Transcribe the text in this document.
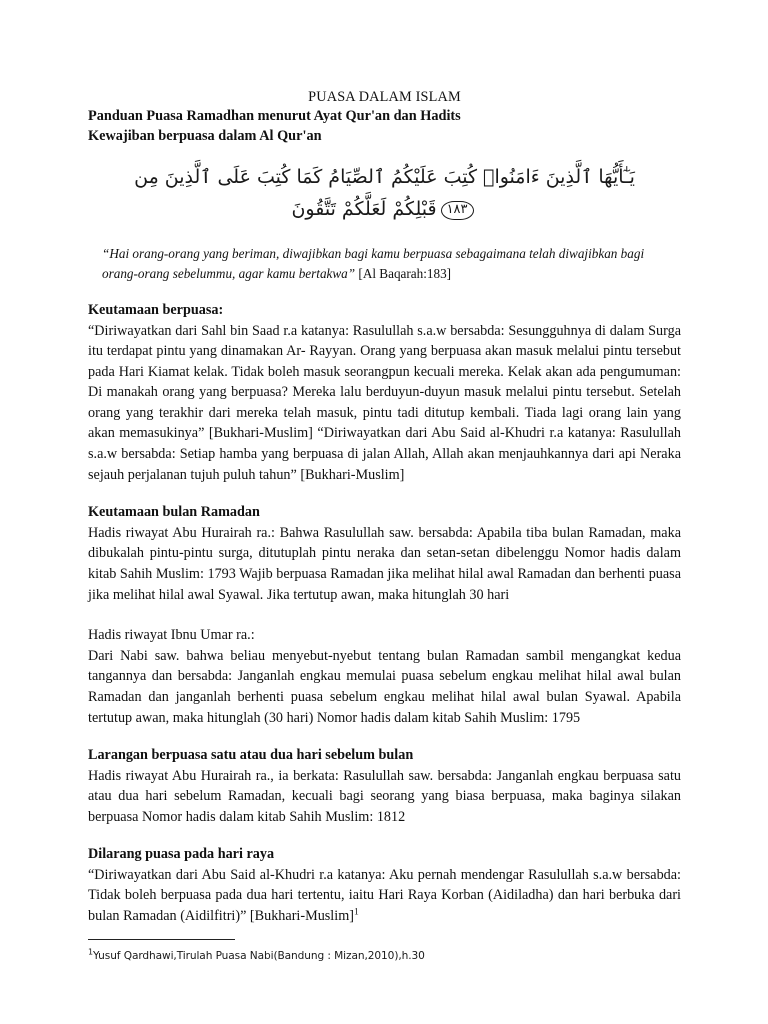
PUASA DALAM ISLAM
Panduan Puasa Ramadhan menurut Ayat Qur'an dan Hadits
Kewajiban berpuasa dalam Al Qur'an
يَـٰٓأَيُّهَا ٱلَّذِينَ ءَامَنُوا۟ كُتِبَ عَلَيْكُمُ ٱلصِّيَامُ كَمَا كُتِبَ عَلَى ٱلَّذِينَ مِن
١٨٣قَبْلِكُمْ لَعَلَّكُمْ تَتَّقُونَ
“Hai orang-orang yang beriman, diwajibkan bagi kamu berpuasa sebagaimana telah diwajibkan bagi orang-orang sebelummu, agar kamu bertakwa” [Al Baqarah:183]
Keutamaan berpuasa:

“Diriwayatkan dari Sahl bin Saad r.a katanya: Rasulullah s.a.w bersabda: Sesungguhnya di dalam Surga itu terdapat pintu yang dinamakan Ar- Rayyan. Orang yang berpuasa akan masuk melalui pintu tersebut pada Hari Kiamat kelak. Tidak boleh masuk seorangpun kecuali mereka. Kelak akan ada pengumuman: Di manakah orang yang berpuasa? Mereka lalu berduyun-duyun masuk melalui pintu tersebut. Setelah orang yang terakhir dari mereka telah masuk, pintu tadi ditutup kembali. Tiada lagi orang lain yang akan memasukinya” [Bukhari-Muslim] “Diriwayatkan dari Abu Said al-Khudri r.a katanya: Rasulullah s.a.w bersabda: Setiap hamba yang berpuasa di jalan Allah, Allah akan menjauhkannya dari api Neraka sejauh perjalanan tujuh puluh tahun” [Bukhari-Muslim]

Keutamaan bulan Ramadan

Hadis riwayat Abu Hurairah ra.: Bahwa Rasulullah saw. bersabda: Apabila tiba bulan Ramadan, maka dibukalah pintu-pintu surga, ditutuplah pintu neraka dan setan-setan dibelenggu Nomor hadis dalam kitab Sahih Muslim: 1793 Wajib berpuasa Ramadan jika melihat hilal awal Ramadan dan berhenti puasa jika melihat hilal awal Syawal. Jika tertutup awan, maka hitunglah 30 hari

Hadis riwayat Ibnu Umar ra.:

Dari Nabi saw. bahwa beliau menyebut-nyebut tentang bulan Ramadan sambil mengangkat kedua tangannya dan bersabda: Janganlah engkau memulai puasa sebelum engkau melihat hilal awal bulan Ramadan dan janganlah berhenti puasa sebelum engkau melihat hilal awal bulan Syawal. Apabila tertutup awan, maka hitunglah (30 hari) Nomor hadis dalam kitab Sahih Muslim: 1795

Larangan berpuasa satu atau dua hari sebelum bulan

Hadis riwayat Abu Hurairah ra., ia berkata: Rasulullah saw. bersabda: Janganlah engkau berpuasa satu atau dua hari sebelum Ramadan, kecuali bagi seorang yang biasa berpuasa, maka baginya silakan berpuasa Nomor hadis dalam kitab Sahih Muslim: 1812

Dilarang puasa pada hari raya

“Diriwayatkan dari Abu Said al-Khudri r.a katanya: Aku pernah mendengar Rasulullah s.a.w bersabda: Tidak boleh berpuasa pada dua hari tertentu, iaitu Hari Raya Korban (Aidiladha) dan hari berbuka dari bulan Ramadan (Aidilfitri)” [Bukhari-Muslim]$^1$

$^1$Yusuf Qardhawi,Tirulah Puasa Nabi(Bandung : Mizan,2010),h.30
